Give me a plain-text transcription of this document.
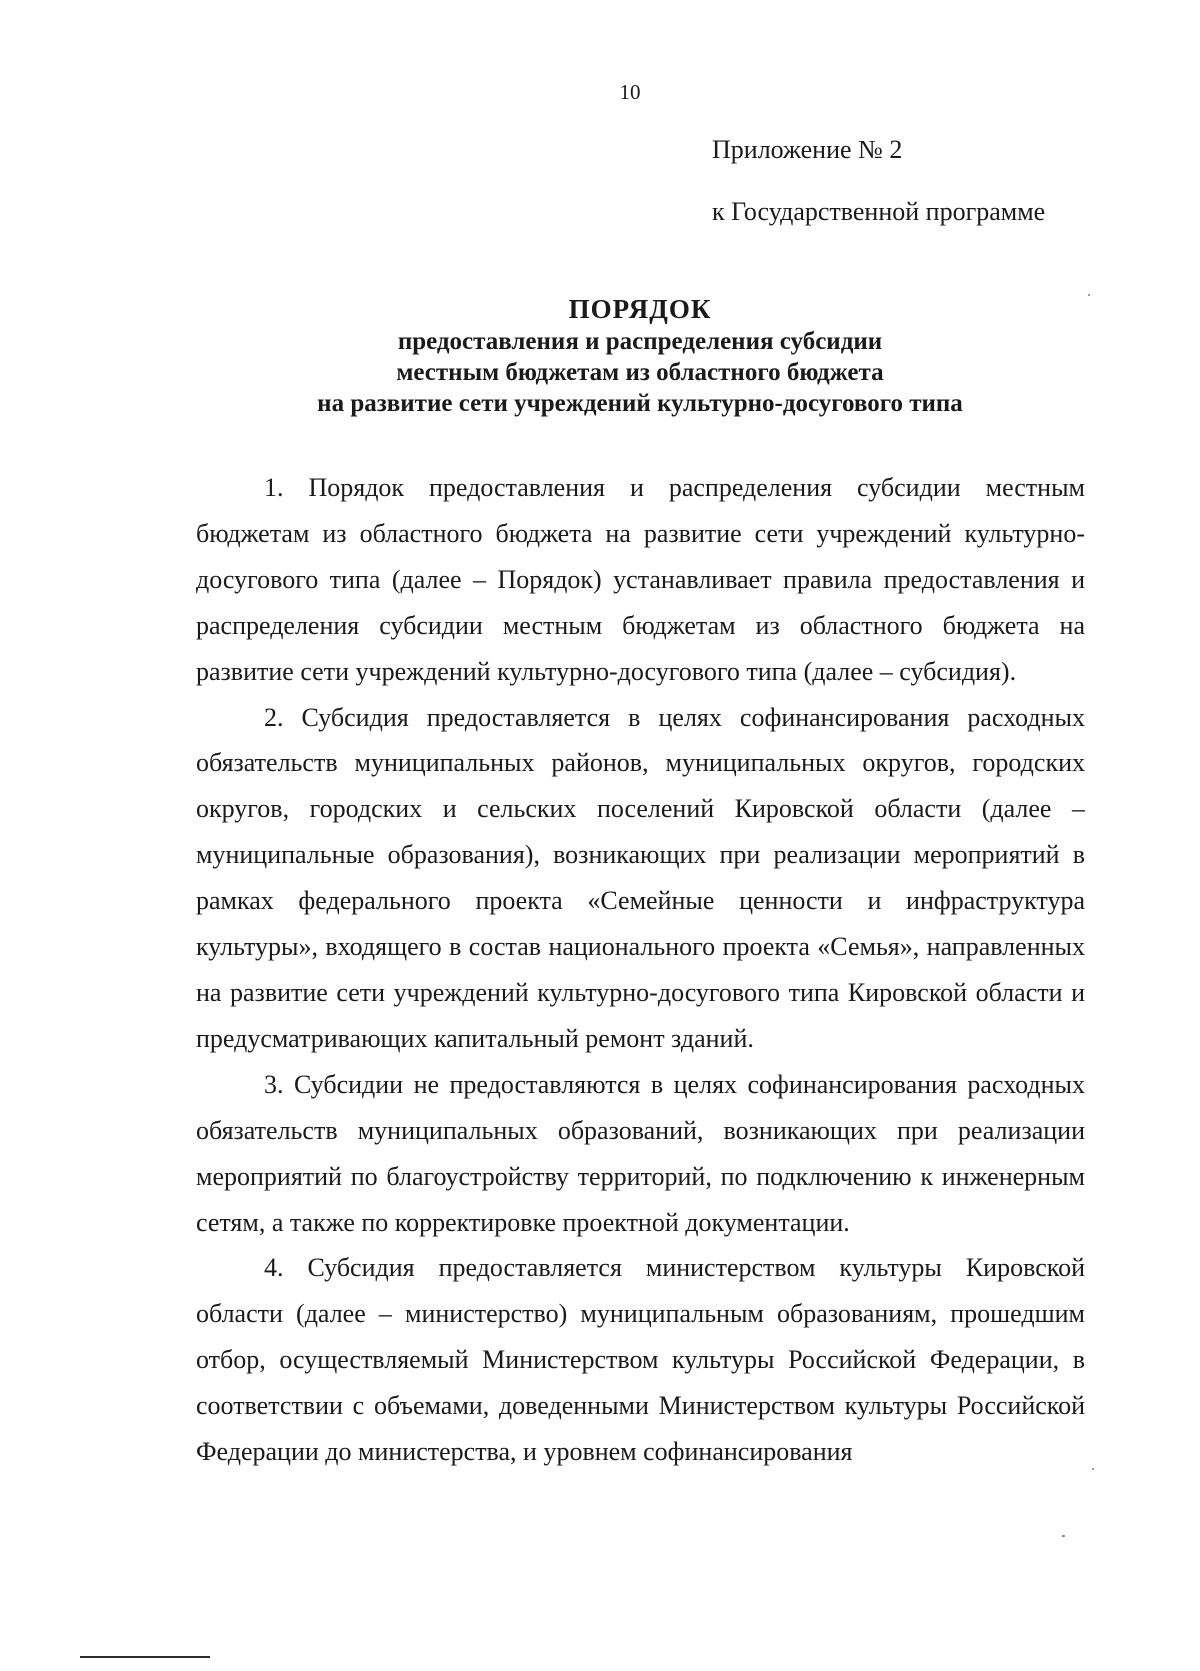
10
Приложение № 2
к Государственной программе
ПОРЯДОК
предоставления и распределения субсидии
местным бюджетам из областного бюджета
на развитие сети учреждений культурно-досугового типа

1. Порядок предоставления и распределения субсидии местным бюджетам из областного бюджета на развитие сети учреждений культурно-досугового типа (далее – Порядок) устанавливает правила предоставления и распределения субсидии местным бюджетам из областного бюджета на развитие сети учреждений культурно-досугового типа (далее – субсидия).

2. Субсидия предоставляется в целях софинансирования расходных обязательств муниципальных районов, муниципальных округов, городских округов, городских и сельских поселений Кировской области (далее – муниципальные образования), возникающих при реализации мероприятий в рамках федерального проекта «Семейные ценности и инфраструктура культуры», входящего в состав национального проекта «Семья», направленных на развитие сети учреждений культурно-досугового типа Кировской области и предусматривающих капитальный ремонт зданий.

3. Субсидии не предоставляются в целях софинансирования расходных обязательств муниципальных образований, возникающих при реализации мероприятий по благоустройству территорий, по подключению к инженерным сетям, а также по корректировке проектной документации.

4. Субсидия предоставляется министерством культуры Кировской области (далее – министерство) муниципальным образованиям, прошедшим отбор, осуществляемый Министерством культуры Российской Федерации, в соответствии с объемами, доведенными Министерством культуры Российской Федерации до министерства, и уровнем софинансирования
